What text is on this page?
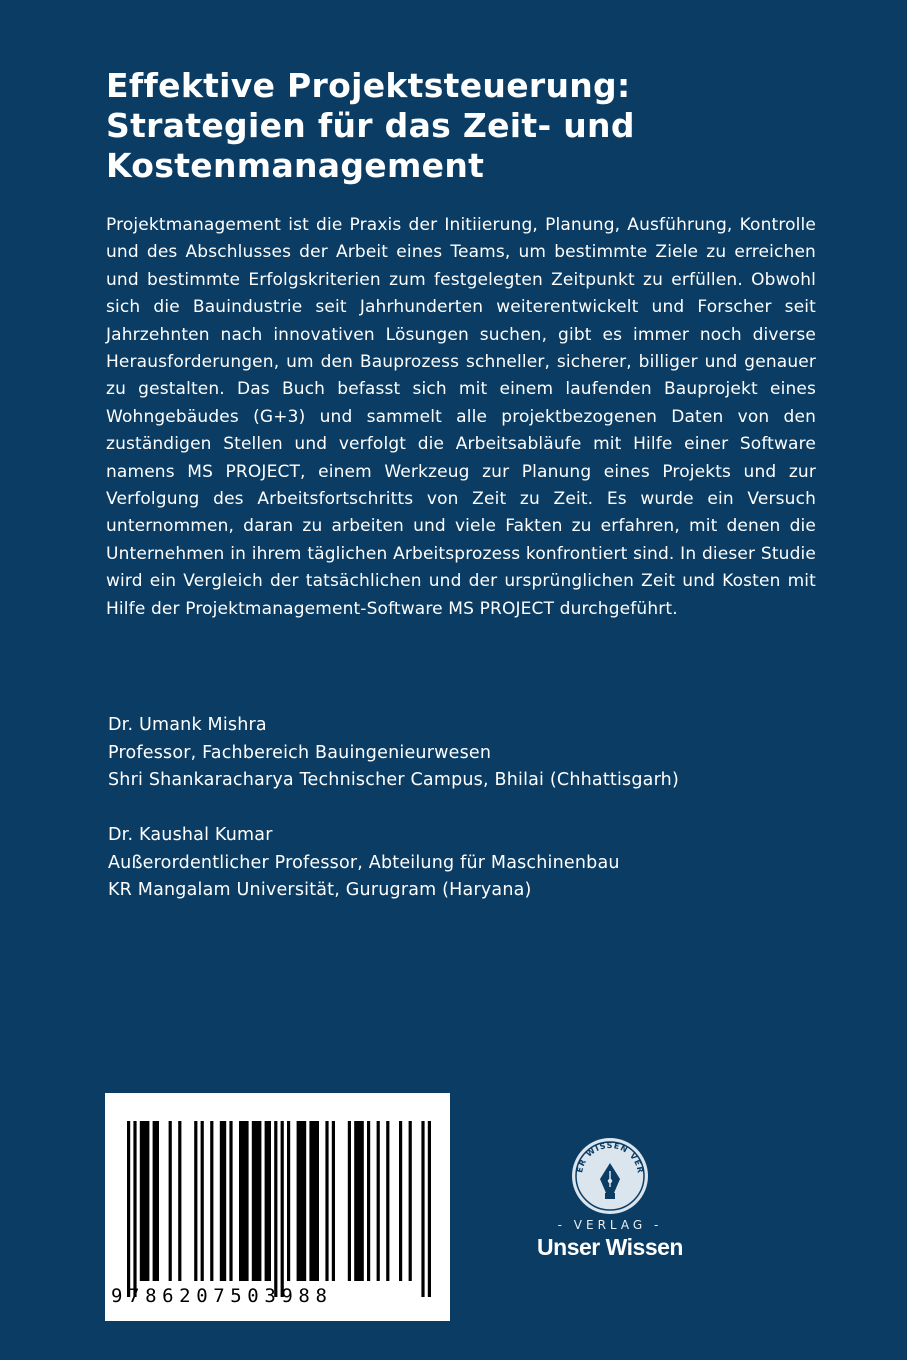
Effektive Projektsteuerung:
Strategien für das Zeit- und
Kostenmanagement

Projektmanagement ist die Praxis der Initiierung, Planung, Ausführung, Kontrolle und des Abschlusses der Arbeit eines Teams, um bestimmte Ziele zu erreichen und bestimmte Erfolgskriterien zum festgelegten Zeitpunkt zu erfüllen. Obwohl sich die Bauindustrie seit Jahrhunderten weiterentwickelt und Forscher seit Jahrzehnten nach innovativen Lösungen suchen, gibt es immer noch diverse Herausforderungen, um den Bauprozess schneller, sicherer, billiger und genauer zu gestalten. Das Buch befasst sich mit einem laufenden Bauprojekt eines Wohngebäudes (G+3) und sammelt alle projektbezogenen Daten von den zuständigen Stellen und verfolgt die Arbeitsabläufe mit Hilfe einer Software namens MS PROJECT, einem Werkzeug zur Planung eines Projekts und zur Verfolgung des Arbeitsfortschritts von Zeit zu Zeit. Es wurde ein Versuch unternommen, daran zu arbeiten und viele Fakten zu erfahren, mit denen die Unternehmen in ihrem täglichen Arbeitsprozess konfrontiert sind. In dieser Studie wird ein Vergleich der tatsächlichen und der ursprünglichen Zeit und Kosten mit Hilfe der Projektmanagement-Software MS PROJECT durchgeführt.

Dr. Umank Mishra
Professor, Fachbereich Bauingenieurwesen
Shri Shankaracharya Technischer Campus, Bhilai (Chhattisgarh)
Dr. Kaushal Kumar
Außerordentlicher Professor, Abteilung für Maschinenbau
KR Mangalam Universität, Gurugram (Haryana)
9786207503988
ER WISSEN VER
- VERLAG -
Unser Wissen
